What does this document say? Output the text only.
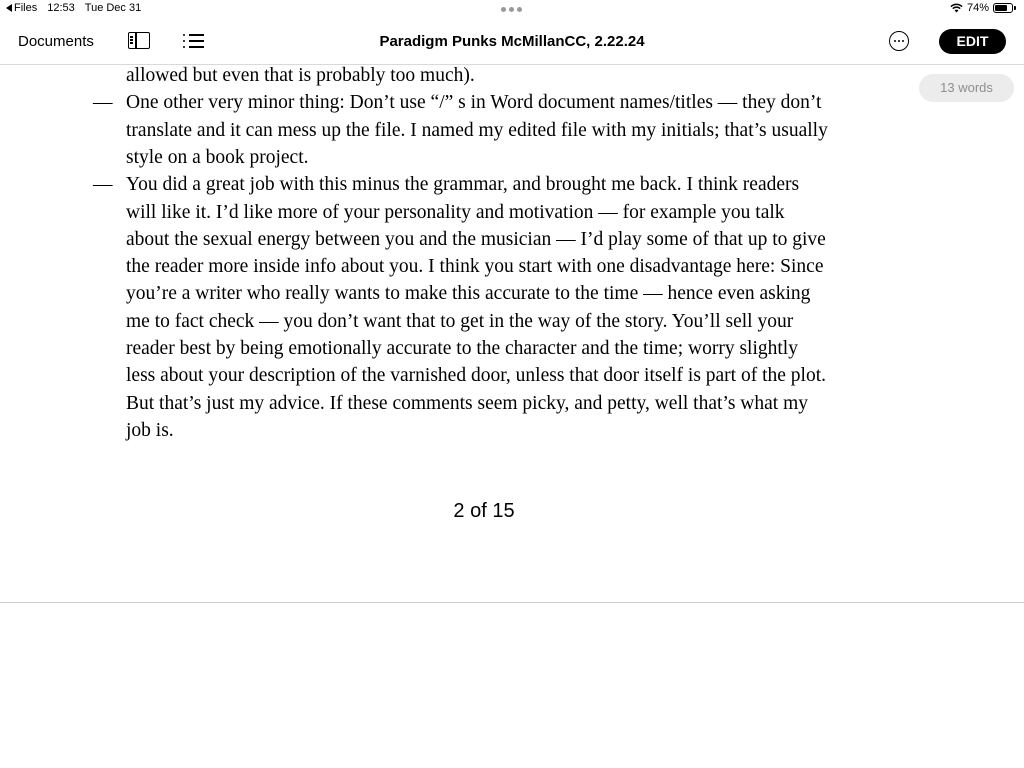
Files 12:53 Tue Dec 31	74%
Documents	Paradigm Punks McMillanCC, 2.22.24	EDIT
allowed but even that is probably too much).
— One other very minor thing: Don’t use “/” s in Word document names/titles — they don’t
translate and it can mess up the file. I named my edited file with my initials; that’s usually
style on a book project.
— You did a great job with this minus the grammar, and brought me back. I think readers
will like it. I’d like more of your personality and motivation — for example you talk
about the sexual energy between you and the musician — I’d play some of that up to give
the reader more inside info about you. I think you start with one disadvantage here: Since
you’re a writer who really wants to make this accurate to the time — hence even asking
me to fact check — you don’t want that to get in the way of the story. You’ll sell your
reader best by being emotionally accurate to the character and the time; worry slightly
less about your description of the varnished door, unless that door itself is part of the plot.
But that’s just my advice. If these comments seem picky, and petty, well that’s what my
job is.
13 words
2 of 15
